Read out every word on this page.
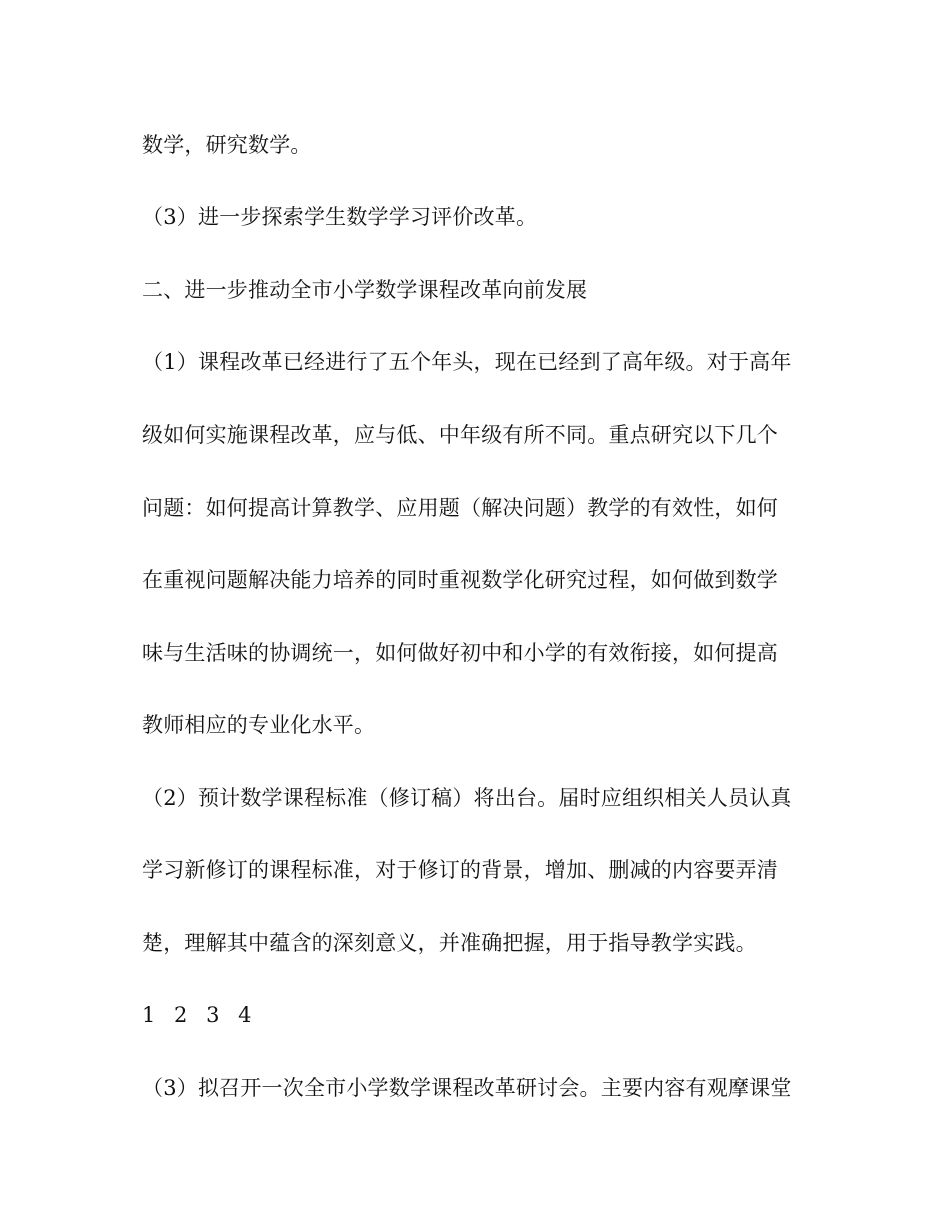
数学，研究数学。
（3）进一步探索学生数学学习评价改革。
二、进一步推动全市小学数学课程改革向前发展
（1）课程改革已经进行了五个年头，现在已经到了高年级。对于高年
级如何实施课程改革，应与低、中年级有所不同。重点研究以下几个
问题：如何提高计算教学、应用题（解决问题）教学的有效性，如何
在重视问题解决能力培养的同时重视数学化研究过程，如何做到数学
味与生活味的协调统一，如何做好初中和小学的有效衔接，如何提高
教师相应的专业化水平。
（2）预计数学课程标准（修订稿）将出台。届时应组织相关人员认真
学习新修订的课程标准，对于修订的背景，增加、删减的内容要弄清
楚，理解其中蕴含的深刻意义，并准确把握，用于指导教学实践。
1 2 3 4
（3）拟召开一次全市小学数学课程改革研讨会。主要内容有观摩课堂
